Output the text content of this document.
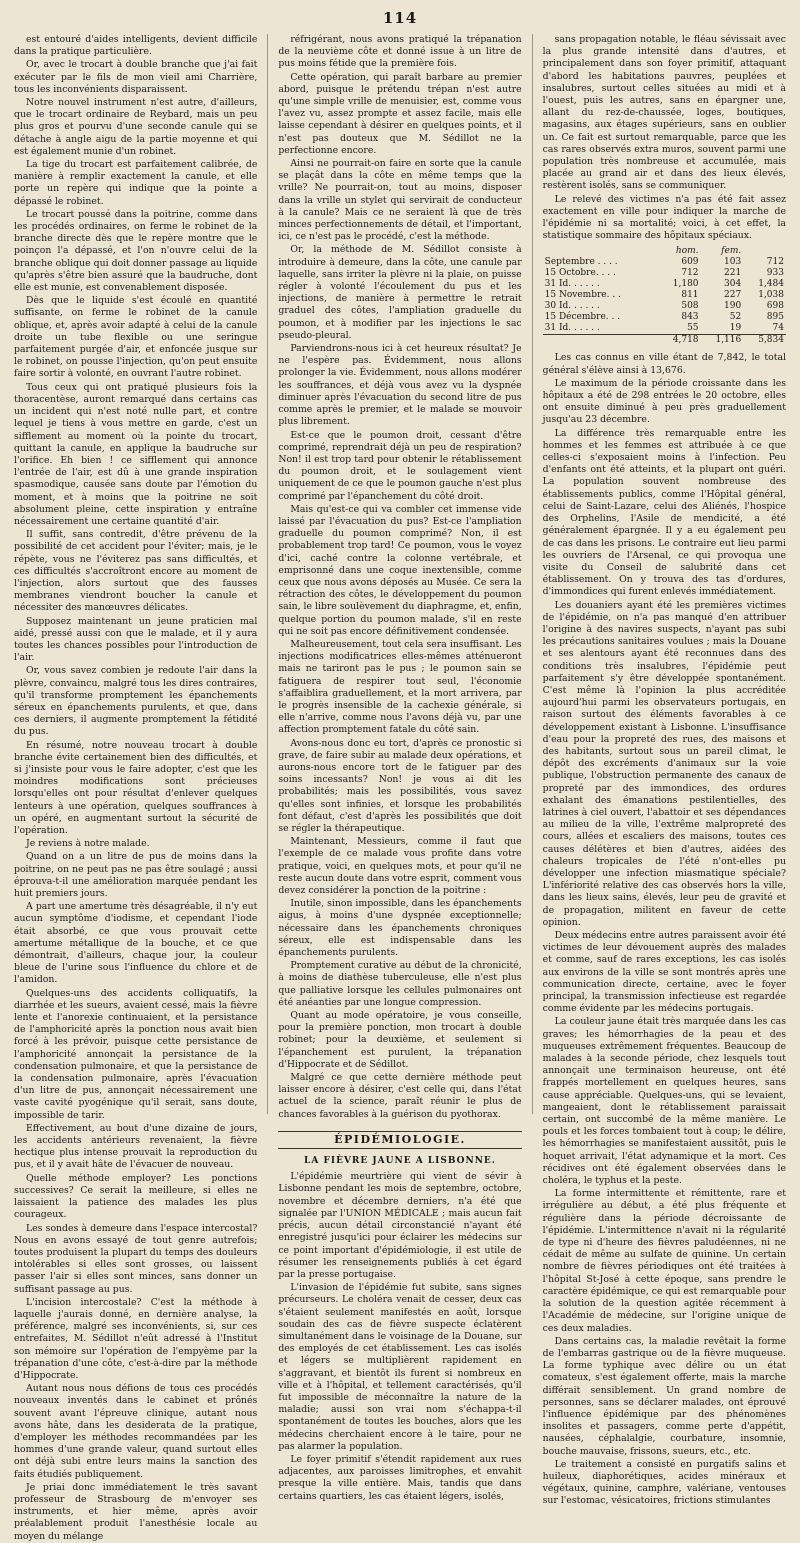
114

est entouré d'aides intelligents, devient difficile dans la pratique particulière.

Or, avec le trocart à double branche que j'ai fait exécuter par le fils de mon vieil ami Charrière, tous les inconvénients disparaissent.

Notre nouvel instrument n'est autre, d'ailleurs, que le trocart ordinaire de Reybard, mais un peu plus gros et pourvu d'une seconde canule qui se détache à angle aigu de la partie moyenne et qui est également munie d'un robinet.

La tige du trocart est parfaitement calibrée, de manière à remplir exactement la canule, et elle porte un repère qui indique que la pointe a dépassé le robinet.

Le trocart poussé dans la poitrine, comme dans les procédés ordinaires, on ferme le robinet de la branche directe dès que le repère montre que le poinçon l'a dépassé, et l'on n'ouvre celui de la branche oblique qui doit donner passage au liquide qu'après s'être bien assuré que la baudruche, dont elle est munie, est convenablement disposée.

Dès que le liquide s'est écoulé en quantité suffisante, on ferme le robinet de la canule oblique, et, après avoir adapté à celui de la canule droite un tube flexible ou une seringue parfaitement purgée d'air, et enfoncée jusque sur le robinet, on pousse l'injection, qu'on peut ensuite faire sortir à volonté, en ouvrant l'autre robinet.

Tous ceux qui ont pratiqué plusieurs fois la thoracentèse, auront remarqué dans certains cas un incident qui n'est noté nulle part, et contre lequel je tiens à vous mettre en garde, c'est un sifflement au moment où la pointe du trocart, quittant la canule, en applique la baudruche sur l'orifice. Eh bien ! ce sifflement qui annonce l'entrée de l'air, est dû à une grande inspiration spasmodique, causée sans doute par l'émotion du moment, et à moins que la poitrine ne soit absolument pleine, cette inspiration y entraîne nécessairement une certaine quantité d'air.

Il suffit, sans contredit, d'être prévenu de la possibilité de cet accident pour l'éviter; mais, je le répète, vous ne l'éviterez pas sans difficultés, et ces difficultés s'accroîtront encore au moment de l'injection, alors surtout que des fausses membranes viendront boucher la canule et nécessiter des manœuvres délicates.

Supposez maintenant un jeune praticien mal aidé, pressé aussi con que le malade, et il y aura toutes les chances possibles pour l'introduction de l'air.

Or, vous savez combien je redoute l'air dans la plèvre, convaincu, malgré tous les dires contraires, qu'il transforme promptement les épanchements séreux en épanchements purulents, et que, dans ces derniers, il augmente promptement la fétidité du pus.

En résumé, notre nouveau trocart à double branche évite certainement bien des difficultés, et si j'insiste pour vous le faire adopter, c'est que les moindres modifications sont précieuses lorsqu'elles ont pour résultat d'enlever quelques lenteurs à une opération, quelques souffrances à un opéré, en augmentant surtout la sécurité de l'opération.

Je reviens à notre malade.

Quand on a un litre de pus de moins dans la poitrine, on ne peut pas ne pas être soulagé ; aussi éprouva-t-il une amélioration marquée pendant les huit premiers jours.

A part une amertume très désagréable, il n'y eut aucun symptôme d'iodisme, et cependant l'iode était absorbé, ce que vous prouvait cette amertume métallique de la bouche, et ce que démontrait, d'ailleurs, chaque jour, la couleur bleue de l'urine sous l'influence du chlore et de l'amidon.

Quelques-uns des accidents colliquatifs, la diarrhée et les sueurs, avaient cessé, mais la fièvre lente et l'anorexie continuaient, et la persistance de l'amphoricité après la ponction nous avait bien forcé à les prévoir, puisque cette persistance de l'amphoricité annonçait la persistance de la condensation pulmonaire, et que la persistance de la condensation pulmonaire, après l'évacuation d'un litre de pus, annonçait nécessairement une vaste cavité pyogénique qu'il serait, sans doute, impossible de tarir.

Effectivement, au bout d'une dizaine de jours, les accidents antérieurs revenaient, la fièvre hectique plus intense prouvait la reproduction du pus, et il y avait hâte de l'évacuer de nouveau.

Quelle méthode employer? Les ponctions successives? Ce serait la meilleure, si elles ne laissaient la patience des malades les plus courageux.

Les sondes à demeure dans l'espace intercostal? Nous en avons essayé de tout genre autrefois; toutes produisent la plupart du temps des douleurs intolérables si elles sont grosses, ou laissent passer l'air si elles sont minces, sans donner un suffisant passage au pus.

L'incision intercostale? C'est la méthode à laquelle j'aurais donné, en dernière analyse, la préférence, malgré ses inconvénients, si, sur ces entrefaites, M. Sédillot n'eût adressé à l'Institut son mémoire sur l'opération de l'empyème par la trépanation d'une côte, c'est-à-dire par la méthode d'Hippocrate.

Autant nous nous défions de tous ces procédés nouveaux inventés dans le cabinet et prônés souvent avant l'épreuve clinique, autant nous avons hâte, dans les desiderata de la pratique, d'employer les méthodes recommandées par les hommes d'une grande valeur, quand surtout elles ont déjà subi entre leurs mains la sanction des faits étudiés publiquement.

Je priai donc immédiatement le très savant professeur de Strasbourg de m'envoyer ses instruments, et hier même, après avoir préalablement produit l'anesthésie locale au moyen du mélange

réfrigérant, nous avons pratiqué la trépanation de la neuvième côte et donné issue à un litre de pus moins fétide que la première fois.

Cette opération, qui paraît barbare au premier abord, puisque le prétendu trépan n'est autre qu'une simple vrille de menuisier, est, comme vous l'avez vu, assez prompte et assez facile, mais elle laisse cependant à désirer en quelques points, et il n'est pas douteux que M. Sédillot ne la perfectionne encore.

Ainsi ne pourrait-on faire en sorte que la canule se plaçât dans la côte en même temps que la vrille? Ne pourrait-on, tout au moins, disposer dans la vrille un stylet qui servirait de conducteur à la canule? Mais ce ne seraient là que de très minces perfectionnements de détail, et l'important, ici, ce n'est pas le procédé, c'est la méthode.

Or, la méthode de M. Sédillot consiste à introduire à demeure, dans la côte, une canule par laquelle, sans irriter la plèvre ni la plaie, on puisse régler à volonté l'écoulement du pus et les injections, de manière à permettre le retrait graduel des côtes, l'ampliation graduelle du poumon, et à modifier par les injections le sac pseudo-pleural.

Parviendrons-nous ici à cet heureux résultat? Je ne l'espère pas. Évidemment, nous allons prolonger la vie. Évidemment, nous allons modérer les souffrances, et déjà vous avez vu la dyspnée diminuer après l'évacuation du second litre de pus comme après le premier, et le malade se mouvoir plus librement.

Est-ce que le poumon droit, cessant d'être comprimé, reprendrait déjà un peu de respiration? Non! il est trop tard pour obtenir le rétablissement du poumon droit, et le soulagement vient uniquement de ce que le poumon gauche n'est plus comprimé par l'épanchement du côté droit.

Mais qu'est-ce qui va combler cet immense vide laissé par l'évacuation du pus? Est-ce l'ampliation graduelle du poumon comprimé? Non, il est probablement trop tard! Ce poumon, vous le voyez d'ici, caché contre la colonne vertébrale, et emprisonné dans une coque inextensible, comme ceux que nous avons déposés au Musée. Ce sera la rétraction des côtes, le développement du poumon sain, le libre soulèvement du diaphragme, et, enfin, quelque portion du poumon malade, s'il en reste qui ne soit pas encore définitivement condensée.

Malheureusement, tout cela sera insuffisant. Les injections modificatrices elles-mêmes atténueront mais ne tariront pas le pus ; le poumon sain se fatiguera de respirer tout seul, l'économie s'affaiblira graduellement, et la mort arrivera, par le progrès insensible de la cachexie générale, si elle n'arrive, comme nous l'avons déjà vu, par une affection promptement fatale du côté sain.

Avons-nous donc eu tort, d'après ce pronostic si grave, de faire subir au malade deux opérations, et aurons-nous encore tort de le fatiguer par des soins incessants? Non! je vous ai dit les probabilités; mais les possibilités, vous savez qu'elles sont infinies, et lorsque les probabilités font défaut, c'est d'après les possibilités que doit se régler la thérapeutique.

Maintenant, Messieurs, comme il faut que l'exemple de ce malade vous profite dans votre pratique, voici, en quelques mots, et pour qu'il ne reste aucun doute dans votre esprit, comment vous devez considérer la ponction de la poitrine :

Inutile, sinon impossible, dans les épanchements aigus, à moins d'une dyspnée exceptionnelle; nécessaire dans les épanchements chroniques séreux, elle est indispensable dans les épanchements purulents.

Promptement curative au début de la chronicité, à moins de diathèse tuberculeuse, elle n'est plus que palliative lorsque les cellules pulmonaires ont été anéanties par une longue compression.

Quant au mode opératoire, je vous conseille, pour la première ponction, mon trocart à double robinet; pour la deuxième, et seulement si l'épanchement est purulent, la trépanation d'Hippocrate et de Sédillot.

Malgré ce que cette dernière méthode peut laisser encore à désirer, c'est celle qui, dans l'état actuel de la science, paraît réunir le plus de chances favorables à la guérison du pyothorax.

ÉPIDÉMIOLOGIE.
LA FIÈVRE JAUNE A LISBONNE.

L'épidémie meurtrière qui vient de sévir à Lisbonne pendant les mois de septembre, octobre, novembre et décembre derniers, n'a été que signalée par l'UNION MÉDICALE ; mais aucun fait précis, aucun détail circonstancié n'ayant été enregistré jusqu'ici pour éclairer les médecins sur ce point important d'épidémiologie, il est utile de résumer les renseignements publiés à cet égard par la presse portugaise.

L'invasion de l'épidémie fut subite, sans signes précurseurs. Le choléra venait de cesser, deux cas s'étaient seulement manifestés en août, lorsque soudain des cas de fièvre suspecte éclatèrent simultanément dans le voisinage de la Douane, sur des employés de cet établissement. Les cas isolés et légers se multiplièrent rapidement en s'aggravant, et bientôt ils furent si nombreux en ville et à l'hôpital, et tellement caractérisés, qu'il fut impossible de méconnaître la nature de la maladie; aussi son vrai nom s'échappa-t-il spontanément de toutes les bouches, alors que les médecins cherchaient encore à le taire, pour ne pas alarmer la population.

Le foyer primitif s'étendit rapidement aux rues adjacentes, aux paroisses limitrophes, et envahit presque la ville entière. Mais, tandis que dans certains quartiers, les cas étaient légers, isolés,

sans propagation notable, le fléau sévissait avec la plus grande intensité dans d'autres, et principalement dans son foyer primitif, attaquant d'abord les habitations pauvres, peuplées et insalubres, surtout celles situées au midi et à l'ouest, puis les autres, sans en épargner une, allant du rez-de-chaussée, loges, boutiques, magasins, aux étages supérieurs, sans en oublier un. Ce fait est surtout remarquable, parce que les cas rares observés extra muros, souvent parmi une population très nombreuse et accumulée, mais placée au grand air et dans des lieux élevés, restèrent isolés, sans se communiquer.

Le relevé des victimes n'a pas été fait assez exactement en ville pour indiquer la marche de l'épidémie ni sa mortalité; voici, à cet effet, la statistique sommaire des hôpitaux spéciaux.

	hom.	fem.	
Septembre . . . .	609	103	712
15 Octobre. . . .	712	221	933
31 Id. . . . . .	1,180	304	1,484
15 Novembre. . .	811	227	1,038
30 Id. . . . . .	508	190	698
15 Décembre. . .	843	52	895
31 Id. . . . . .	55	19	74
	4,718	1,116	5,834

Les cas connus en ville étant de 7,842, le total général s'élève ainsi à 13,676.

Le maximum de la période croissante dans les hôpitaux a été de 298 entrées le 20 octobre, elles ont ensuite diminué à peu près graduellement jusqu'au 23 décembre.

La différence très remarquable entre les hommes et les femmes est attribuée à ce que celles-ci s'exposaient moins à l'infection. Peu d'enfants ont été atteints, et la plupart ont guéri. La population souvent nombreuse des établissements publics, comme l'Hôpital général, celui de Saint-Lazare, celui des Aliénés, l'hospice des Orphelins, l'Asile de mendicité, a été généralement épargnée. Il y a eu également peu de cas dans les prisons. Le contraire eut lieu parmi les ouvriers de l'Arsenal, ce qui provoqua une visite du Conseil de salubrité dans cet établissement. On y trouva des tas d'ordures, d'immondices qui furent enlevés immédiatement.

Les douaniers ayant été les premières victimes de l'épidémie, on n'a pas manqué d'en attribuer l'origine à des navires suspects, n'ayant pas subi les précautions sanitaires voulues ; mais la Douane et ses alentours ayant été reconnues dans des conditions très insalubres, l'épidémie peut parfaitement s'y être développée spontanément. C'est même là l'opinion la plus accréditée aujourd'hui parmi les observateurs portugais, en raison surtout des éléments favorables à ce développement existant à Lisbonne. L'insuffisance d'eau pour la propreté des rues, des maisons et des habitants, surtout sous un pareil climat, le dépôt des excréments d'animaux sur la voie publique, l'obstruction permanente des canaux de propreté par des immondices, des ordures exhalant des émanations pestilentielles, des latrines à ciel ouvert, l'abattoir et ses dépendances au milieu de la ville, l'extrême malpropreté des cours, allées et escaliers des maisons, toutes ces causes délétères et bien d'autres, aidées des chaleurs tropicales de l'été n'ont-elles pu développer une infection miasmatique spéciale? L'infériorité relative des cas observés hors la ville, dans les lieux sains, élevés, leur peu de gravité et de propagation, militent en faveur de cette opinion.

Deux médecins entre autres paraissent avoir été victimes de leur dévouement auprès des malades et comme, sauf de rares exceptions, les cas isolés aux environs de la ville se sont montrés après une communication directe, certaine, avec le foyer principal, la transmission infectieuse est regardée comme évidente par les médecins portugais.

La couleur jaune était très marquée dans les cas graves; les hémorrhagies de la peau et des muqueuses extrêmement fréquentes. Beaucoup de malades à la seconde période, chez lesquels tout annonçait une terminaison heureuse, ont été frappés mortellement en quelques heures, sans cause appréciable. Quelques-uns, qui se levaient, mangeaient, dont le rétablissement paraissait certain, ont succombé de la même manière. Le pouls et les forces tombaient tout à coup; le délire, les hémorrhagies se manifestaient aussitôt, puis le hoquet arrivait, l'état adynamique et la mort. Ces récidives ont été également observées dans le choléra, le typhus et la peste.

La forme intermittente et rémittente, rare et irrégulière au début, a été plus fréquente et régulière dans la période décroissante de l'épidémie. L'intermittence n'avait ni la régularité de type ni d'heure des fièvres paludéennes, ni ne cédait de même au sulfate de quinine. Un certain nombre de fièvres périodiques ont été traitées à l'hôpital St-José à cette époque, sans prendre le caractère épidémique, ce qui est remarquable pour la solution de la question agitée récemment à l'Académie de médecine, sur l'origine unique de ces deux maladies.

Dans certains cas, la maladie revêtait la forme de l'embarras gastrique ou de la fièvre muqueuse. La forme typhique avec délire ou un état comateux, s'est également offerte, mais la marche différait sensiblement. Un grand nombre de personnes, sans se déclarer malades, ont éprouvé l'influence épidémique par des phénomènes insolites et passagers, comme perte d'appétit, nausées, céphalalgie, courbature, insomnie, bouche mauvaise, frissons, sueurs, etc., etc.

Le traitement a consisté en purgatifs salins et huileux, diaphorétiques, acides minéraux et végétaux, quinine, camphre, valériane, ventouses sur l'estomac, vésicatoires, frictions stimulantes
